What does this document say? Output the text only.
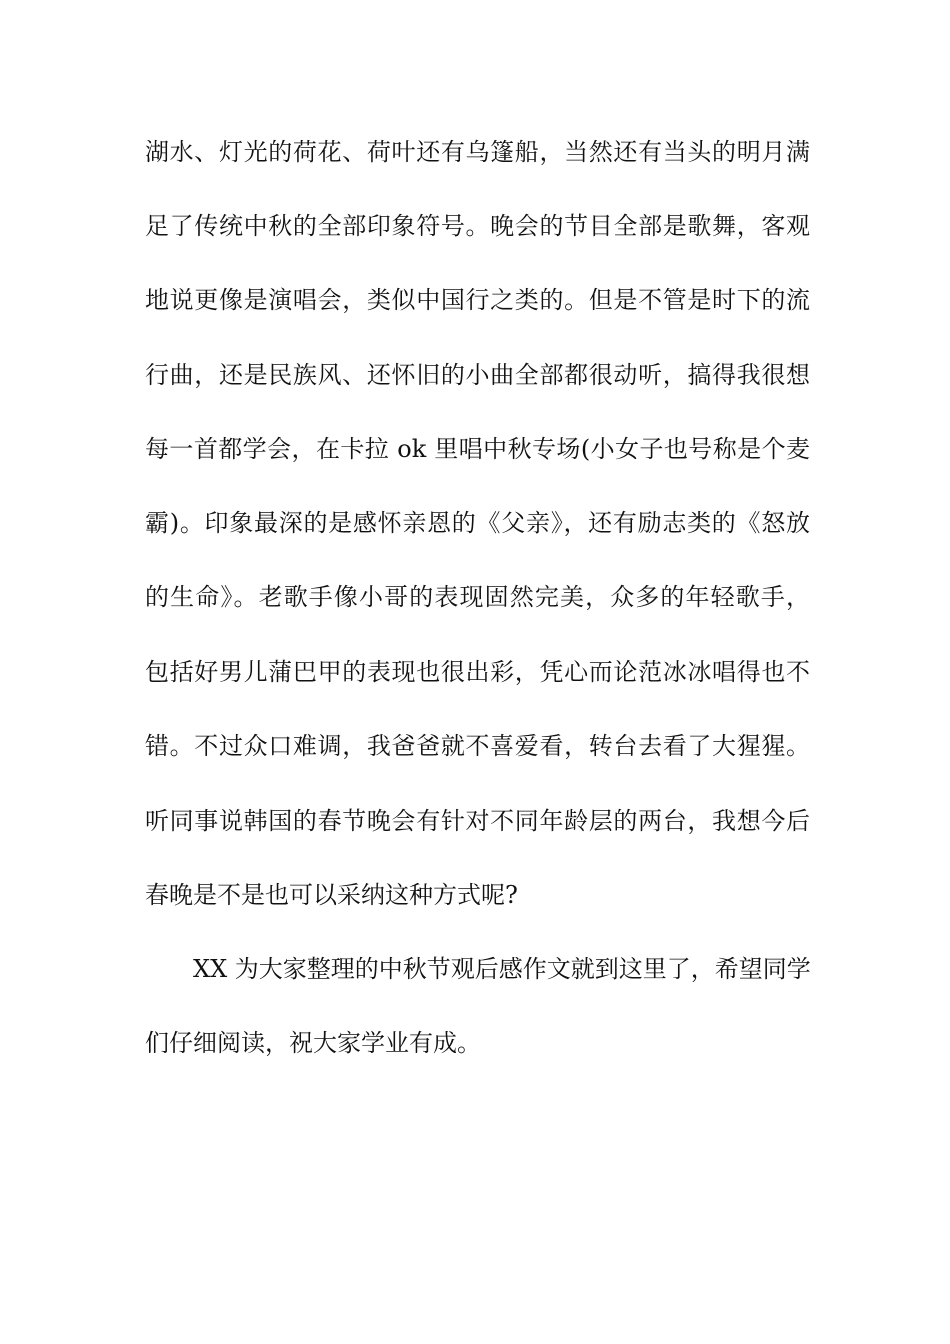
湖水、灯光的荷花、荷叶还有乌篷船，当然还有当头的明月满
足了传统中秋的全部印象符号。晚会的节目全部是歌舞，客观
地说更像是演唱会，类似中国行之类的。但是不管是时下的流
行曲，还是民族风、还怀旧的小曲全部都很动听，搞得我很想
每一首都学会，在卡拉 ok 里唱中秋专场(小女子也号称是个麦
霸)。印象最深的是感怀亲恩的《父亲》，还有励志类的《怒放
的生命》。老歌手像小哥的表现固然完美，众多的年轻歌手，
包括好男儿蒲巴甲的表现也很出彩，凭心而论范冰冰唱得也不
错。不过众口难调，我爸爸就不喜爱看，转台去看了大猩猩。
听同事说韩国的春节晚会有针对不同年龄层的两台，我想今后
春晚是不是也可以采纳这种方式呢?
XX 为大家整理的中秋节观后感作文就到这里了，希望同学
们仔细阅读，祝大家学业有成。
